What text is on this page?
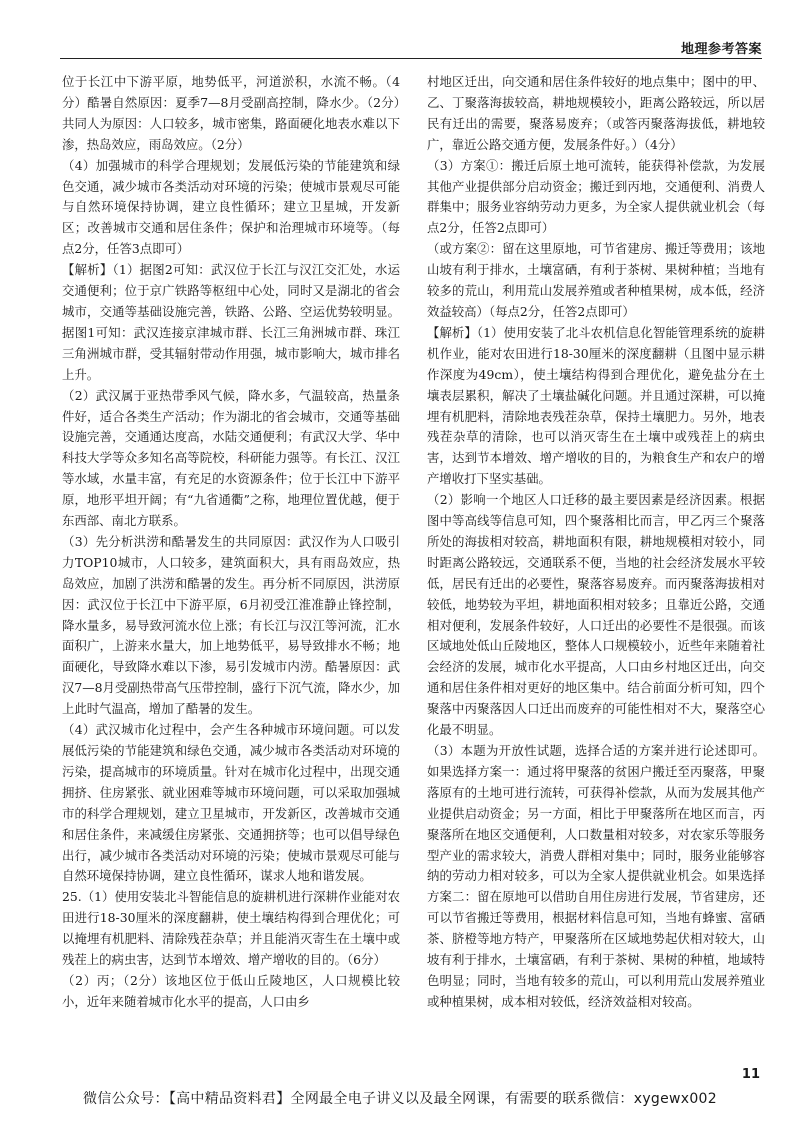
地理参考答案

位于长江中下游平原，地势低平，河道淤积，水流不畅。（4分）酷暑自然原因：夏季7—8月受副高控制，降水少。（2分）共同人为原因：人口较多，城市密集，路面硬化地表水难以下渗，热岛效应，雨岛效应。（2分）

（4）加强城市的科学合理规划；发展低污染的节能建筑和绿色交通，减少城市各类活动对环境的污染；使城市景观尽可能与自然环境保持协调，建立良性循环；建立卫星城，开发新区；改善城市交通和居住条件；保护和治理城市环境等。（每点2分，任答3点即可）

【解析】（1）据图2可知：武汉位于长江与汉江交汇处，水运交通便利；位于京广铁路等枢纽中心处，同时又是湖北的省会城市，交通等基础设施完善，铁路、公路、空运优势较明显。据图1可知：武汉连接京津城市群、长江三角洲城市群、珠江三角洲城市群，受其辐射带动作用强，城市影响大，城市排名上升。

（2）武汉属于亚热带季风气候，降水多，气温较高，热量条件好，适合各类生产活动；作为湖北的省会城市，交通等基础设施完善，交通通达度高，水陆交通便利；有武汉大学、华中科技大学等众多知名高等院校，科研能力强等。有长江、汉江等水域，水量丰富，有充足的水资源条件；位于长江中下游平原，地形平坦开阔；有“九省通衢”之称，地理位置优越，便于东西部、南北方联系。

（3）先分析洪涝和酷暑发生的共同原因：武汉作为人口吸引力TOP10城市，人口较多，建筑面积大，具有雨岛效应，热岛效应，加剧了洪涝和酷暑的发生。再分析不同原因，洪涝原因：武汉位于长江中下游平原，6月初受江淮准静止锋控制，降水量多，易导致河流水位上涨；有长江与汉江等河流，汇水面积广，上游来水量大，加上地势低平，易导致排水不畅；地面硬化，导致降水难以下渗，易引发城市内涝。酷暑原因：武汉7—8月受副热带高气压带控制，盛行下沉气流，降水少，加上此时气温高，增加了酷暑的发生。

（4）武汉城市化过程中，会产生各种城市环境问题。可以发展低污染的节能建筑和绿色交通，减少城市各类活动对环境的污染，提高城市的环境质量。针对在城市化过程中，出现交通拥挤、住房紧张、就业困难等城市环境问题，可以采取加强城市的科学合理规划，建立卫星城市，开发新区，改善城市交通和居住条件，来减缓住房紧张、交通拥挤等；也可以倡导绿色出行，减少城市各类活动对环境的污染；使城市景观尽可能与自然环境保持协调，建立良性循环，谋求人地和谐发展。

25.（1）使用安装北斗智能信息的旋耕机进行深耕作业能对农田进行18-30厘米的深度翻耕，使土壤结构得到合理优化；可以掩埋有机肥料、清除残茬杂草；并且能消灭寄生在土壤中或残茬上的病虫害，达到节本增效、增产增收的目的。（6分）

（2）丙；（2分）该地区位于低山丘陵地区，人口规模比较小，近年来随着城市化水平的提高，人口由乡

村地区迁出，向交通和居住条件较好的地点集中；图中的甲、乙、丁聚落海拔较高，耕地规模较小，距离公路较远，所以居民有迁出的需要，聚落易废弃；（或答丙聚落海拔低，耕地较广，靠近公路交通方便，发展条件好。）（4分）

（3）方案①：搬迁后原土地可流转，能获得补偿款，为发展其他产业提供部分启动资金；搬迁到丙地，交通便利、消费人群集中；服务业容纳劳动力更多，为全家人提供就业机会（每点2分，任答2点即可）

（或方案②：留在这里原地，可节省建房、搬迁等费用；该地山坡有利于排水，土壤富硒，有利于茶树、果树种植；当地有较多的荒山，利用荒山发展养殖或者种植果树，成本低，经济效益较高）（每点2分，任答2点即可）

【解析】（1）使用安装了北斗农机信息化智能管理系统的旋耕机作业，能对农田进行18-30厘米的深度翻耕（且图中显示耕作深度为49cm），使土壤结构得到合理优化，避免盐分在土壤表层累积，解决了土壤盐碱化问题。并且通过深耕，可以掩埋有机肥料，清除地表残茬杂草，保持土壤肥力。另外，地表残茬杂草的清除，也可以消灭寄生在土壤中或残茬上的病虫害，达到节本增效、增产增收的目的，为粮食生产和农户的增产增收打下坚实基础。

（2）影响一个地区人口迁移的最主要因素是经济因素。根据图中等高线等信息可知，四个聚落相比而言，甲乙丙三个聚落所处的海拔相对较高，耕地面积有限，耕地规模相对较小，同时距离公路较远，交通联系不便，当地的社会经济发展水平较低，居民有迁出的必要性，聚落容易废弃。而丙聚落海拔相对较低，地势较为平坦，耕地面积相对较多；且靠近公路，交通相对便利，发展条件较好，人口迁出的必要性不是很强。而该区域地处低山丘陵地区，整体人口规模较小，近些年来随着社会经济的发展，城市化水平提高，人口由乡村地区迁出，向交通和居住条件相对更好的地区集中。结合前面分析可知，四个聚落中丙聚落因人口迁出而废弃的可能性相对不大，聚落空心化最不明显。

（3）本题为开放性试题，选择合适的方案并进行论述即可。如果选择方案一：通过将甲聚落的贫困户搬迁至丙聚落，甲聚落原有的土地可进行流转，可获得补偿款，从而为发展其他产业提供启动资金；另一方面，相比于甲聚落所在地区而言，丙聚落所在地区交通便利，人口数量相对较多，对农家乐等服务型产业的需求较大，消费人群相对集中；同时，服务业能够容纳的劳动力相对较多，可以为全家人提供就业机会。如果选择方案二：留在原地可以借助自用住房进行发展，节省建房，还可以节省搬迁等费用，根据材料信息可知，当地有蜂蜜、富硒茶、脐橙等地方特产，甲聚落所在区域地势起伏相对较大，山坡有利于排水，土壤富硒，有利于茶树、果树的种植，地域特色明显；同时，当地有较多的荒山，可以利用荒山发展养殖业或种植果树，成本相对较低，经济效益相对较高。

11
微信公众号：【高中精品资料君】全网最全电子讲义以及最全网课，有需要的联系微信：xygewx002
